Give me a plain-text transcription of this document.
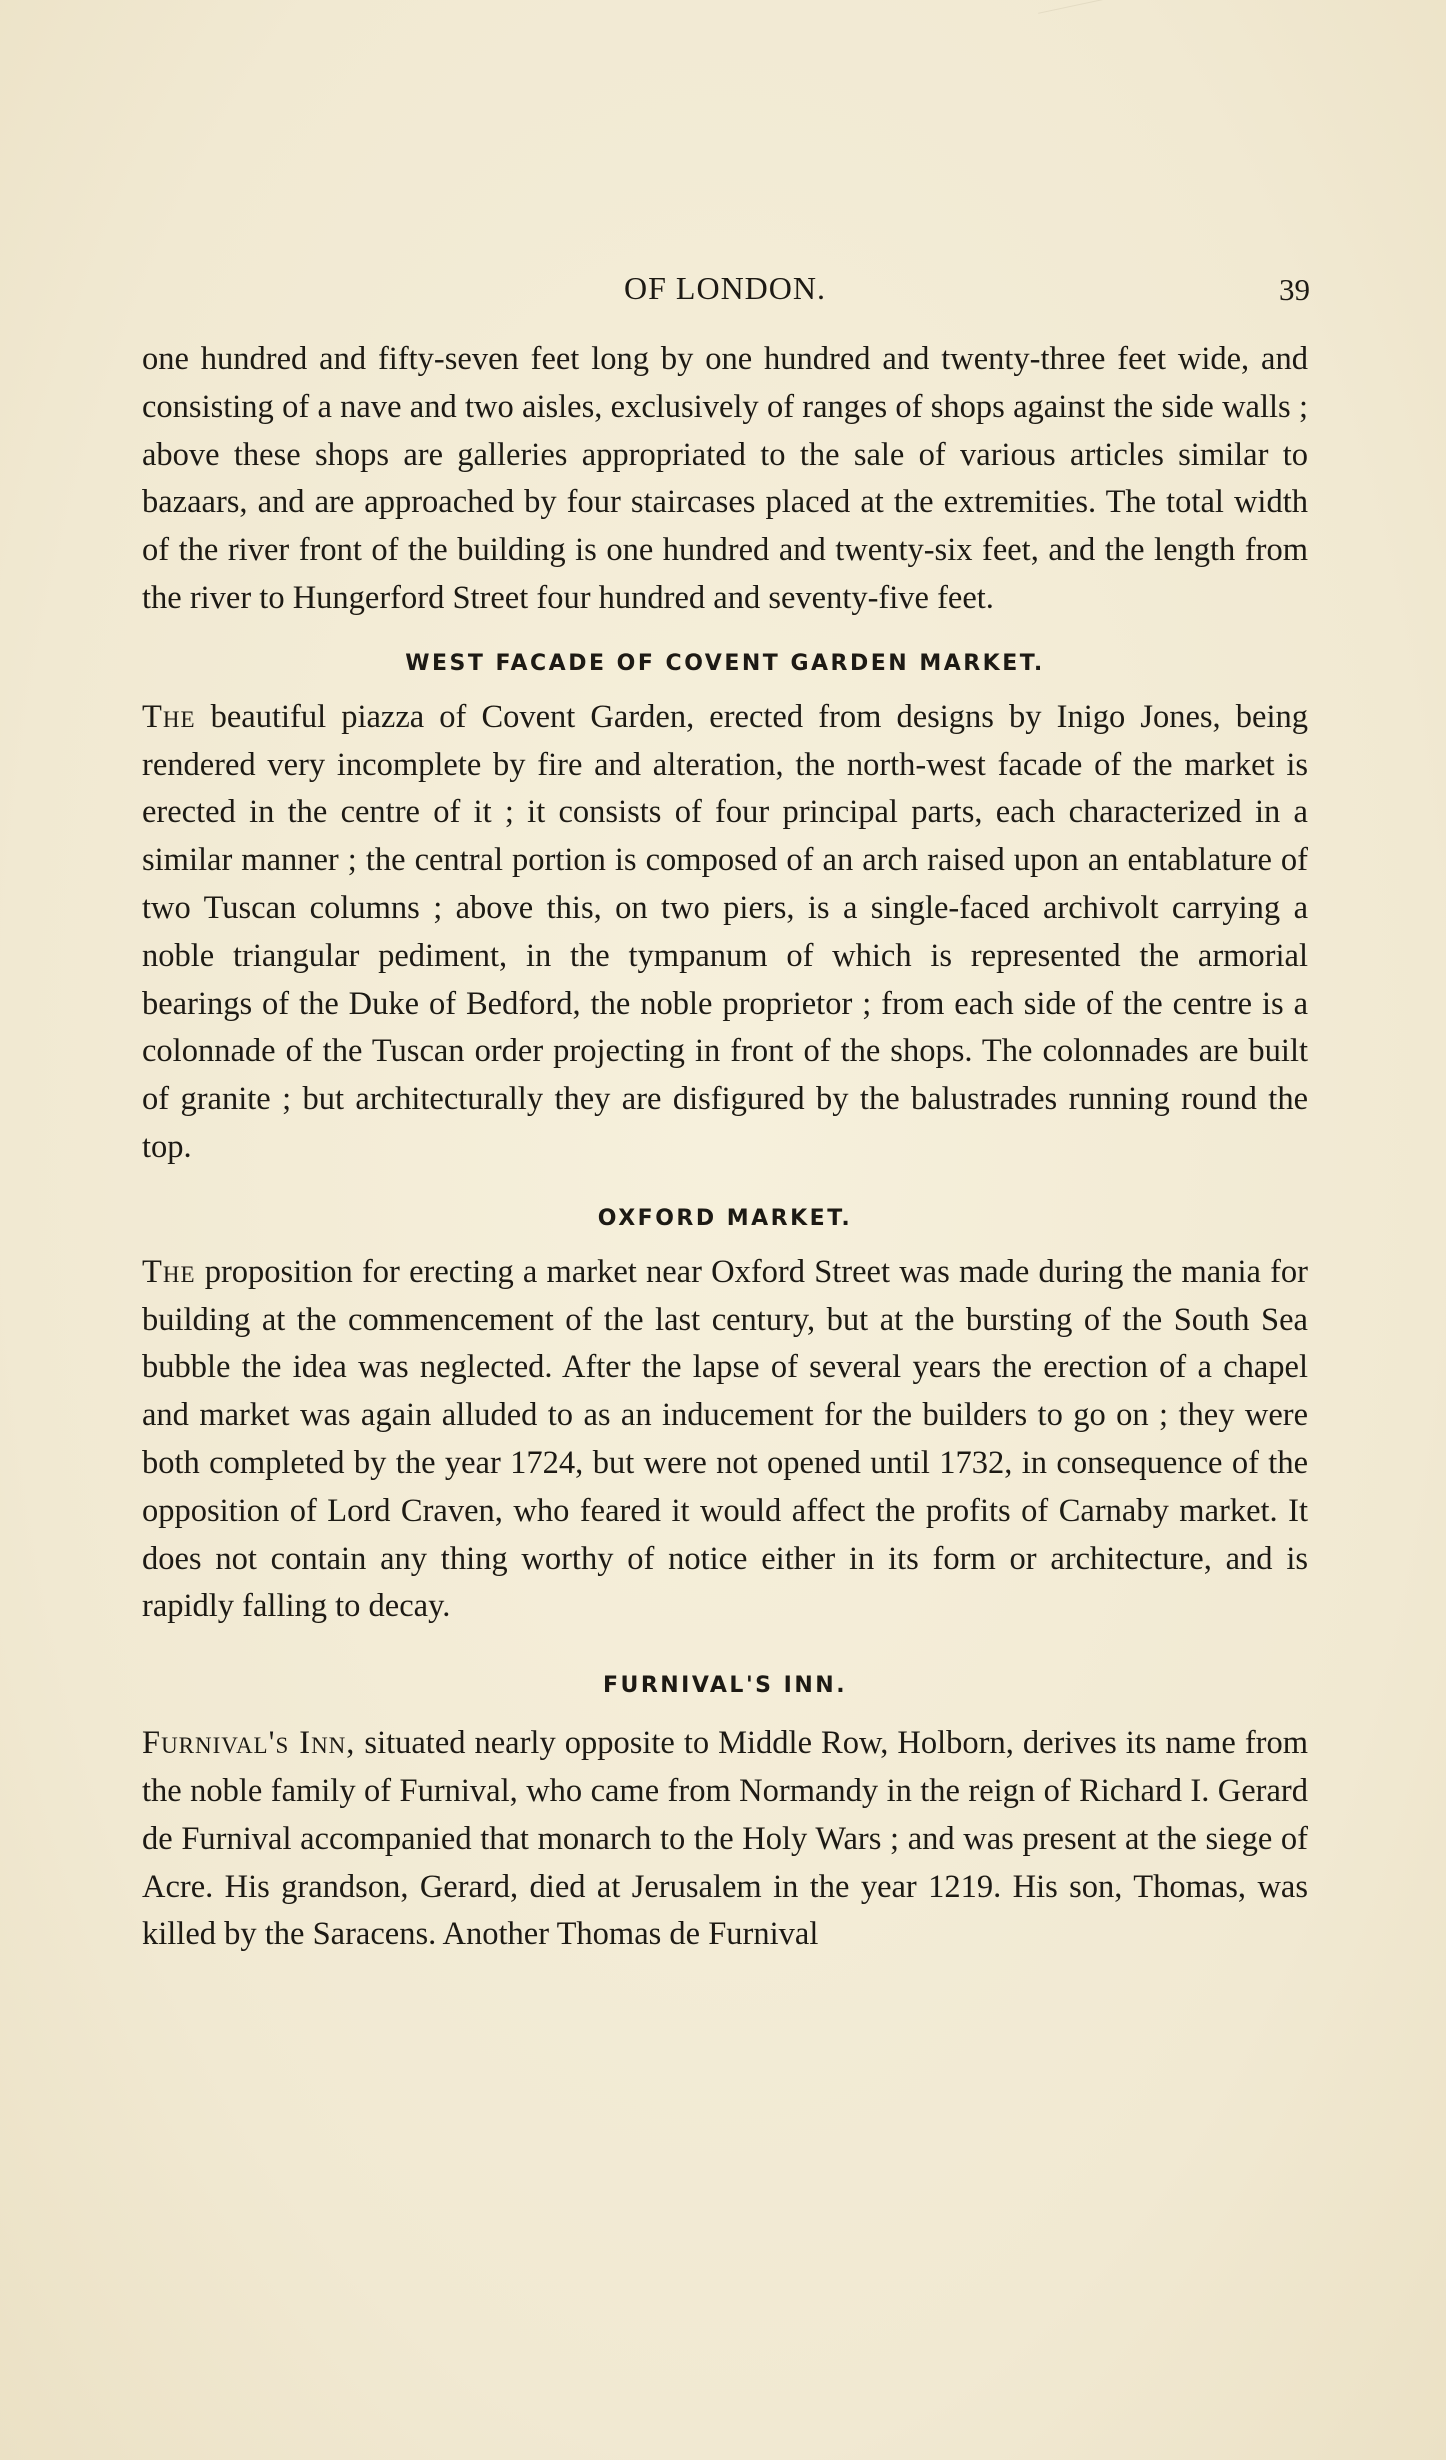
OF LONDON.	39

one hundred and fifty-seven feet long by one hundred and twenty-three feet wide, and consisting of a nave and two aisles, exclusively of ranges of shops against the side walls ; above these shops are galleries appropriated to the sale of various articles similar to bazaars, and are approached by four staircases placed at the extremities. The total width of the river front of the building is one hundred and twenty-six feet, and the length from the river to Hungerford Street four hundred and seventy-five feet.

WEST FACADE OF COVENT GARDEN MARKET.

The beautiful piazza of Covent Garden, erected from designs by Inigo Jones, being rendered very incomplete by fire and alteration, the north-west facade of the market is erected in the centre of it ; it consists of four principal parts, each characterized in a similar manner ; the central portion is composed of an arch raised upon an entablature of two Tuscan columns ; above this, on two piers, is a single-faced archivolt carrying a noble triangular pediment, in the tympanum of which is represented the armorial bearings of the Duke of Bedford, the noble proprietor ; from each side of the centre is a colonnade of the Tuscan order projecting in front of the shops. The colonnades are built of granite ; but architecturally they are disfigured by the balustrades running round the top.

OXFORD MARKET.

The proposition for erecting a market near Oxford Street was made during the mania for building at the commencement of the last century, but at the bursting of the South Sea bubble the idea was neglected. After the lapse of several years the erection of a chapel and market was again alluded to as an inducement for the builders to go on ; they were both completed by the year 1724, but were not opened until 1732, in consequence of the opposition of Lord Craven, who feared it would affect the profits of Carnaby market. It does not contain any thing worthy of notice either in its form or architecture, and is rapidly falling to decay.

FURNIVAL'S INN.

Furnival's Inn, situated nearly opposite to Middle Row, Holborn, derives its name from the noble family of Furnival, who came from Normandy in the reign of Richard I. Gerard de Furnival accompanied that monarch to the Holy Wars ; and was present at the siege of Acre. His grandson, Gerard, died at Jerusalem in the year 1219. His son, Thomas, was killed by the Saracens. Another Thomas de Furnival
